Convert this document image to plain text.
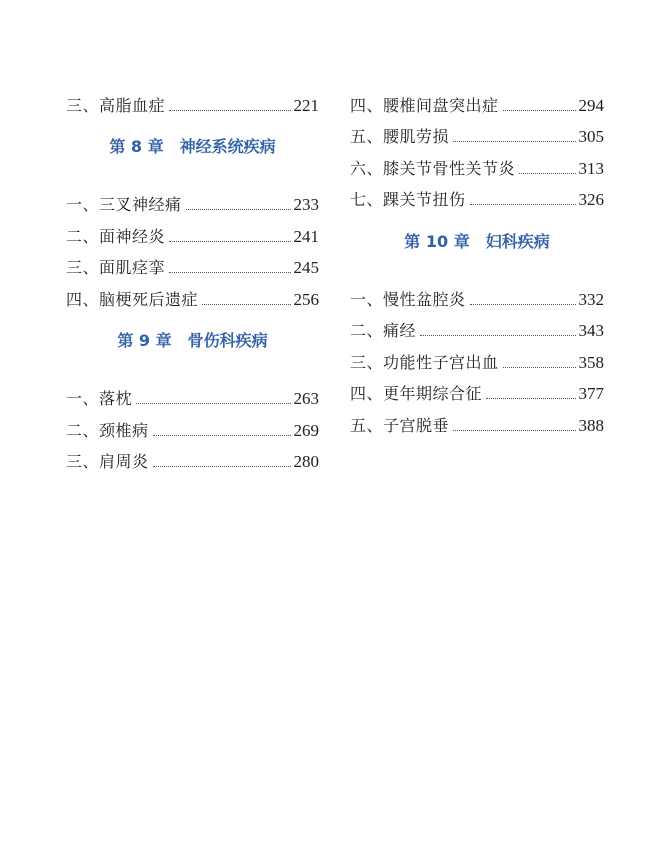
三、高脂血症	221
第 8 章 神经系统疾病
一、三叉神经痛	233
二、面神经炎	241
三、面肌痉挛	245
四、脑梗死后遗症	256
第 9 章 骨伤科疾病
一、落枕	263
二、颈椎病	269
三、肩周炎	280
四、腰椎间盘突出症	294
五、腰肌劳损	305
六、膝关节骨性关节炎	313
七、踝关节扭伤	326
第 10 章 妇科疾病
一、慢性盆腔炎	332
二、痛经	343
三、功能性子宫出血	358
四、更年期综合征	377
五、子宫脱垂	388
